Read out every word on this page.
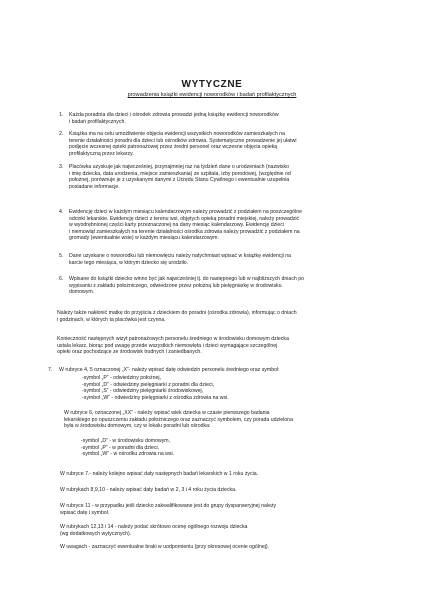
WYTYCZNE
prowadzenia książki ewidencji noworodków i badań profilaktycznych
1. Każda poradnia dla dzieci i ośrodek zdrowia prowadzi jedną książkę ewidencji noworodków
i badań profilaktycznych.
2. Książka ma na celu umożliwienie objęcia ewidencji wszystkich noworodków zamieszkałych na
terenie działalności poradni dla dzieci lub ośrodków zdrowia. Systematyczne prowadzenie jej ułatwi
podjęcie wczesnej opieki patronażowej przez średni personel oraz wczesne objęcia opieką
profilaktyczną przez lekarzy.
3. Placówka uzyskuje jak najwcześniej, przynajmniej raz na tydzień dane o urodzeniach (nazwisko
i imię dziecka, data urodzenia, miejsce zamieszkania) ze szpitala, izby porodowej, (względnie od
położnej, porównuje je z uzyskanymi danymi z Urzędu Stanu Cywilnego i ewentualnie uzupełnia
posiadane informacje.
4. Ewidencję dzieci w każdym miesiącu kalendarzowym należy prowadzić z podziałem na poszczególne
odcinki lekarskie. Ewidencję dzieci z terenu wsi, objętych opieką poradni miejskiej, należy prowadzić
w wyodrębnionej części karty przeznaczonej na dany miesiąc kalendarzowy. Ewidencję dzieci
i niemowląt zamieszkałych na terenie działalności ośrodka zdrowia należy prowadzić z podziałem na
gromady (ewentualnie wsie) w każdym miesiącu kalendarzowym.
5. Dane uzyskane o noworodku lub niemowlęciu należy natychmiast wpisać w książkę ewidencji na
karcie tego miesiąca, w którym dziecko się urodziło.
6. Wpisane do książki dziecko winno być jak najwcześniej tj. do następnego lub w najbliższych dniach po
wypisaniu z zakładu położniczego, odwiedzone przez położną lub pielęgniarkę w środowisku
domowym.
Należy także nakłonić matkę do przyjścia z dzieckiem do poradni (ośrodka zdrowia), informując o dniach
i godzinach, w których ta placówka jest czynna.
Konieczność następnych wizyt patronażowych personelu średniego w środowisku domowym dziecka
ustala lekarz, biorąc pod uwagę przede wszystkich niemowlęta i dzieci wymagające szczególnej
opieki oraz pochodzące ze środowisk trudnych i zaniedbanych.
7. W rubryce 4, 5 oznaczonej „X”- należy wpisać datę odwiedzin personelu średniego oraz symbol:
-symbol „P” - odwiedziny położnej,
-symbol „D” - odwiedziny pielęgniarki z poradni dla dzieci,
-symbol „S” - odwiedziny pielęgniarki środowiskowej,
-symbol „W” - odwiedziny pielęgniarki z ośrodka zdrowia na wsi.
W rubryce 6, oznaczonej „XX” - należy wpisać wiek dziecka w czasie pierwszego badania
lekarskiego po opuszczeniu zakładu położniczego oraz zaznaczyć symbolem, czy porada udzielona
była w środowisku domowym, czy w lokalu poradni lub ośrodka:
-symbol „D” - w środowisku domowym,
-symbol „P” - w poradni dla dzieci,
-symbol „W” - w ośrodku zdrowia na wsi.
W rubryce 7.- należy kolejno wpisać daty następnych badań lekarskich w 1 roku życia.
W rubrykach 8,9,10 - należy wpisać daty badań w 2, 3 i 4 roku życia dziecka.
W rubryce 11 - w przypadku jeśli dziecko zakwalifikowane jest do grupy dyspanseryjnej należy
wpisać datę i symbol.
W rubrykach 12,13 i 14 - należy podać skrótowo ocenę ogólnego rozwoju dziecka
(wg dodatkowych wytycznych).
W uwagach - zaznaczyć ewentualne braki w uodpornieniu (przy okresowej ocenie ogólnej).
